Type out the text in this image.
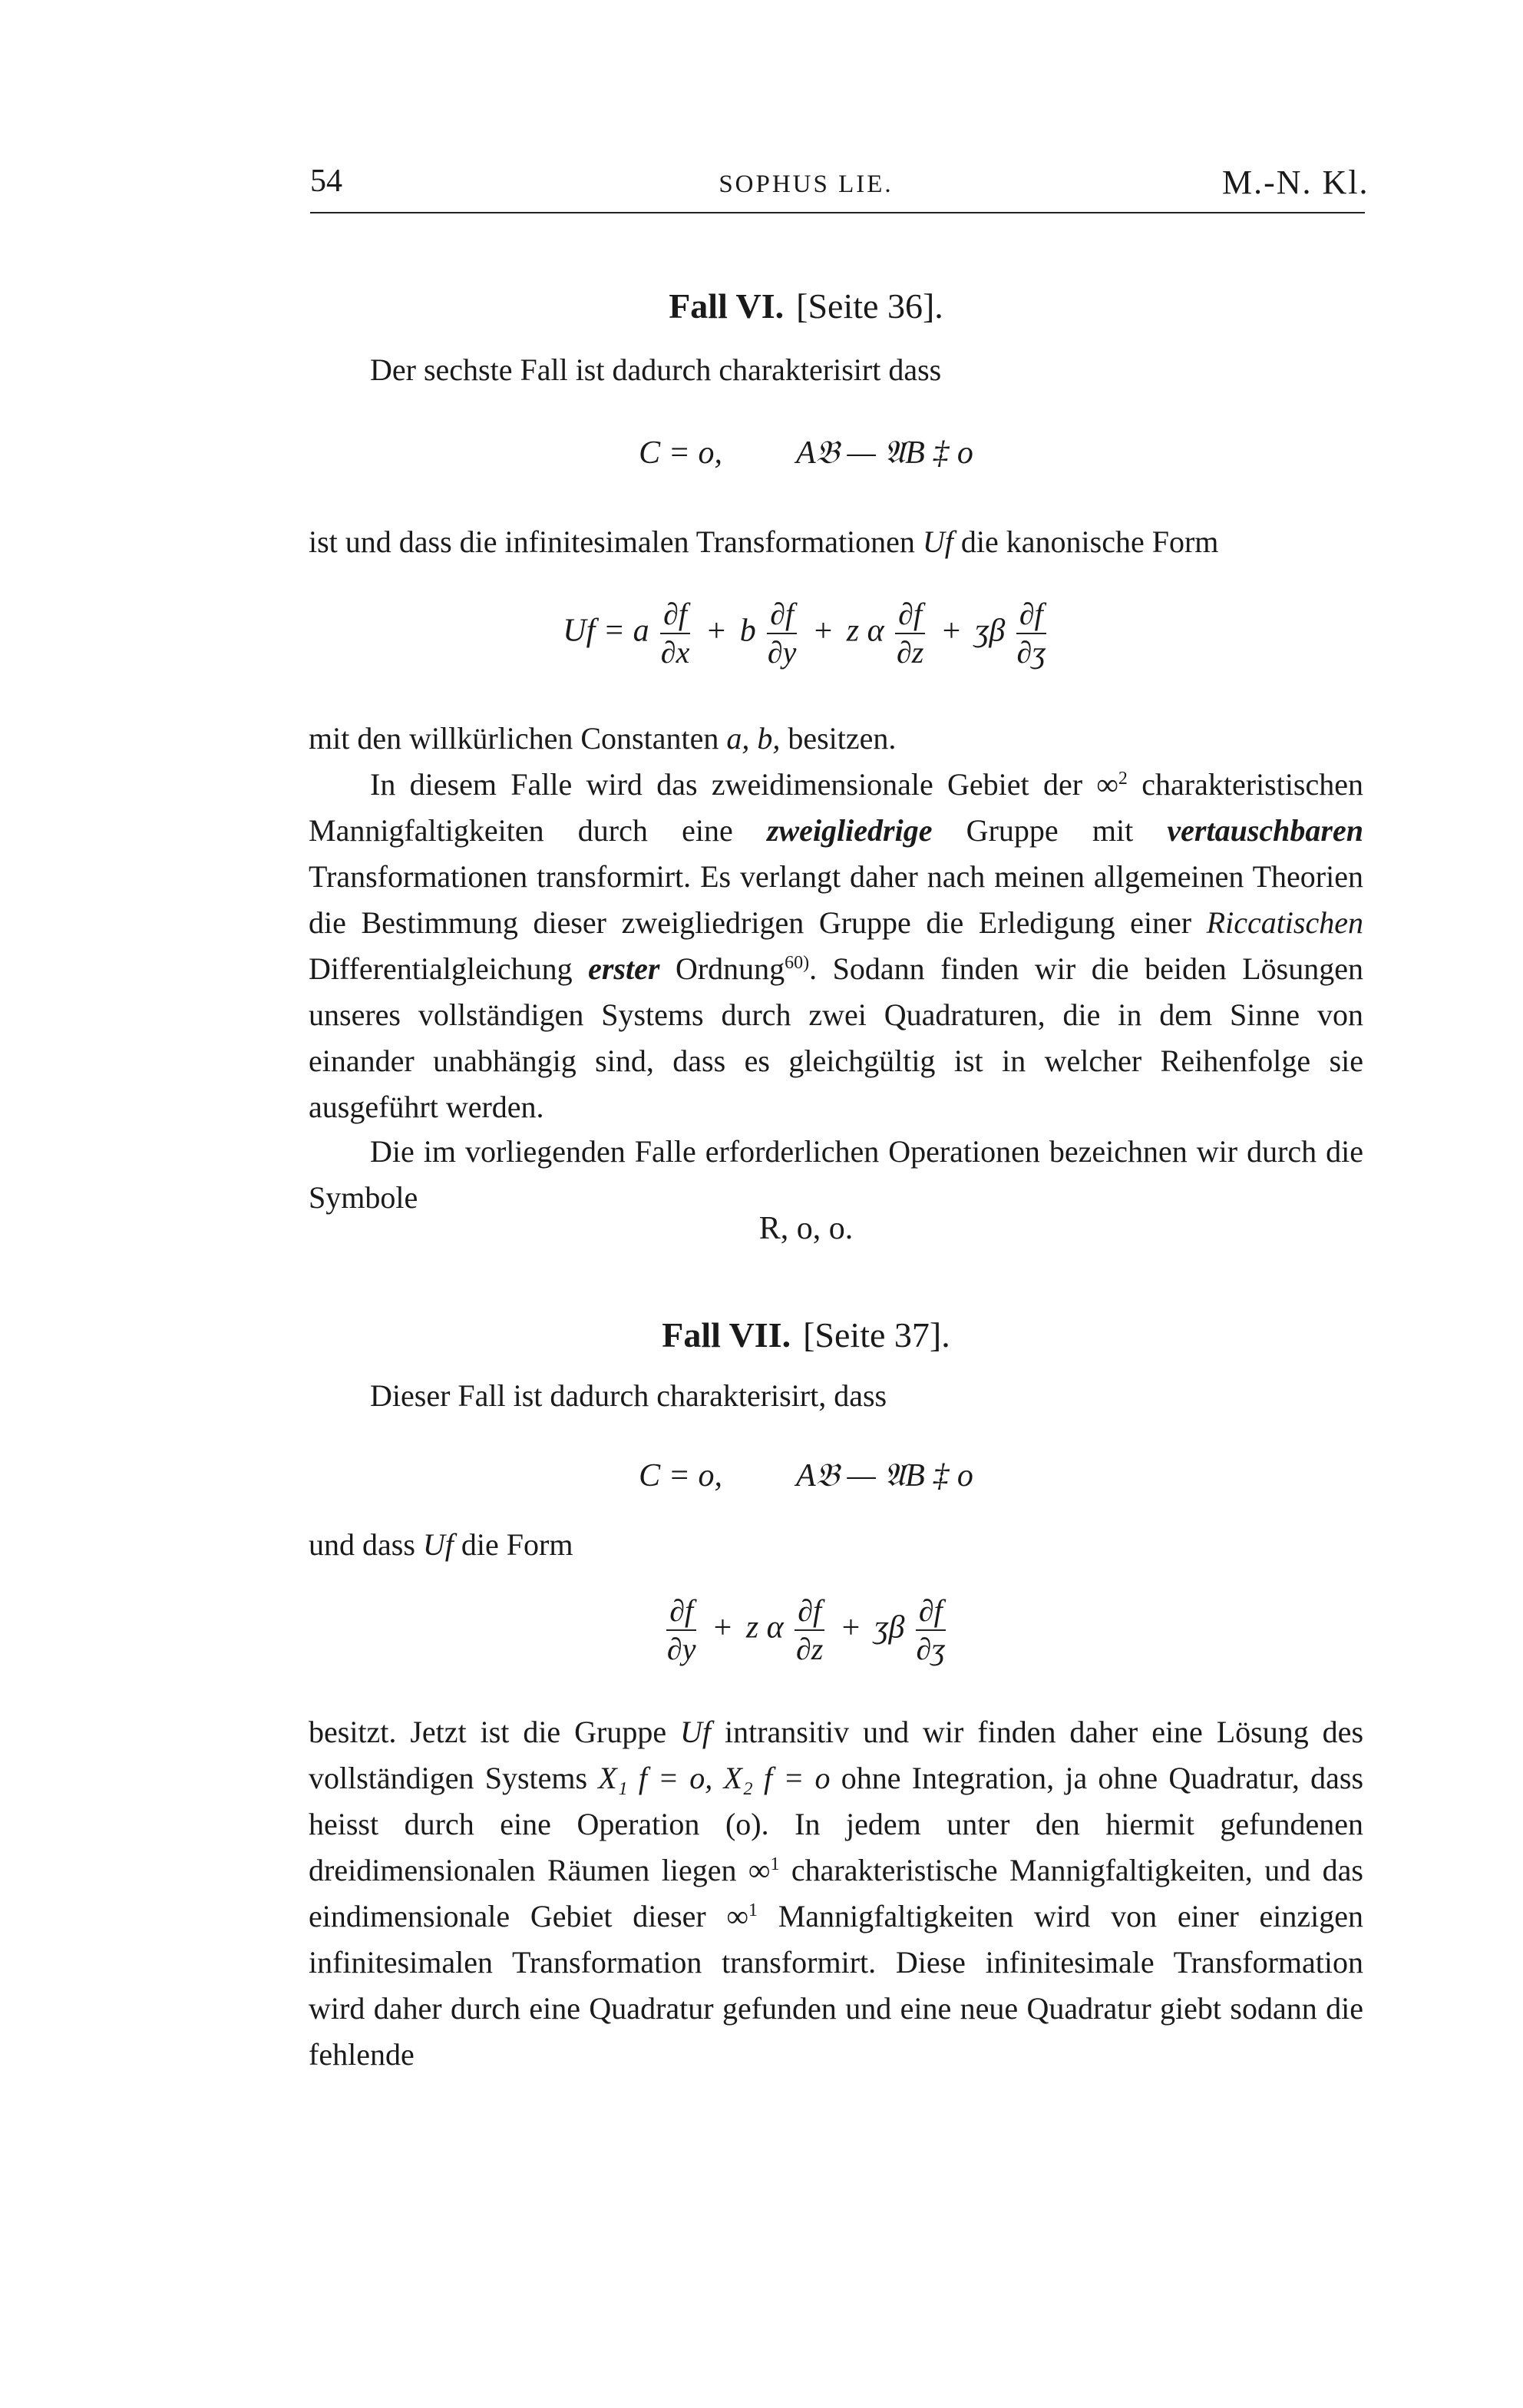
54	SOPHUS LIE.	M.-N. Kl.
Fall VI. [Seite 36].
Der sechste Fall ist dadurch charakterisirt dass
C = o, A𝔅 — 𝔄B ‡ o
ist und dass die infinitesimalen Transformationen Uf die kanonische Form
Uf = a $\frac{\partial f}{\partial x} + b \frac{\partial f}{\partial y} + z$ α $\frac{\partial f}{\partial z}$ + ʒβ $\frac{\partial f}{\text{∂ʒ}}$
mit den willkürlichen Constanten a, b, besitzen.
In diesem Falle wird das zweidimensionale Gebiet der ∞$^2$ charakteristischen Mannigfaltigkeiten durch eine zweigliedrige Gruppe mit vertauschbaren Transformationen transformirt. Es verlangt daher nach meinen allgemeinen Theorien die Bestimmung dieser zweigliedrigen Gruppe die Erledigung einer Riccatischen Differentialgleichung erster Ordnung$^{60)}$. Sodann finden wir die beiden Lösungen unseres vollständigen Systems durch zwei Quadraturen, die in dem Sinne von einander unabhängig sind, dass es gleichgültig ist in welcher Reihenfolge sie ausgeführt werden.
Die im vorliegenden Falle erforderlichen Operationen bezeichnen wir durch die Symbole
R, o, o.
Fall VII. [Seite 37].
Dieser Fall ist dadurch charakterisirt, dass
C = o, A𝔅 — 𝔄B ‡ o
und dass Uf die Form
$\frac{\partial f}{\partial y} + z$ α $\frac{\partial f}{\partial z}$ + ʒβ $\frac{\partial f}{\text{∂ʒ}}$
besitzt. Jetzt ist die Gruppe Uf intransitiv und wir finden daher eine Lösung des vollständigen Systems X₁ f = o, X₂ f = o ohne Integration, ja ohne Quadratur, dass heisst durch eine Operation (o). In jedem unter den hiermit gefundenen dreidimensionalen Räumen liegen ∞$^1$ charakteristische Mannigfaltigkeiten, und das eindimensionale Gebiet dieser ∞$^1$ Mannigfaltigkeiten wird von einer einzigen infinitesimalen Transformation transformirt. Diese infinitesimale Transformation wird daher durch eine Quadratur gefunden und eine neue Quadratur giebt sodann die fehlende
